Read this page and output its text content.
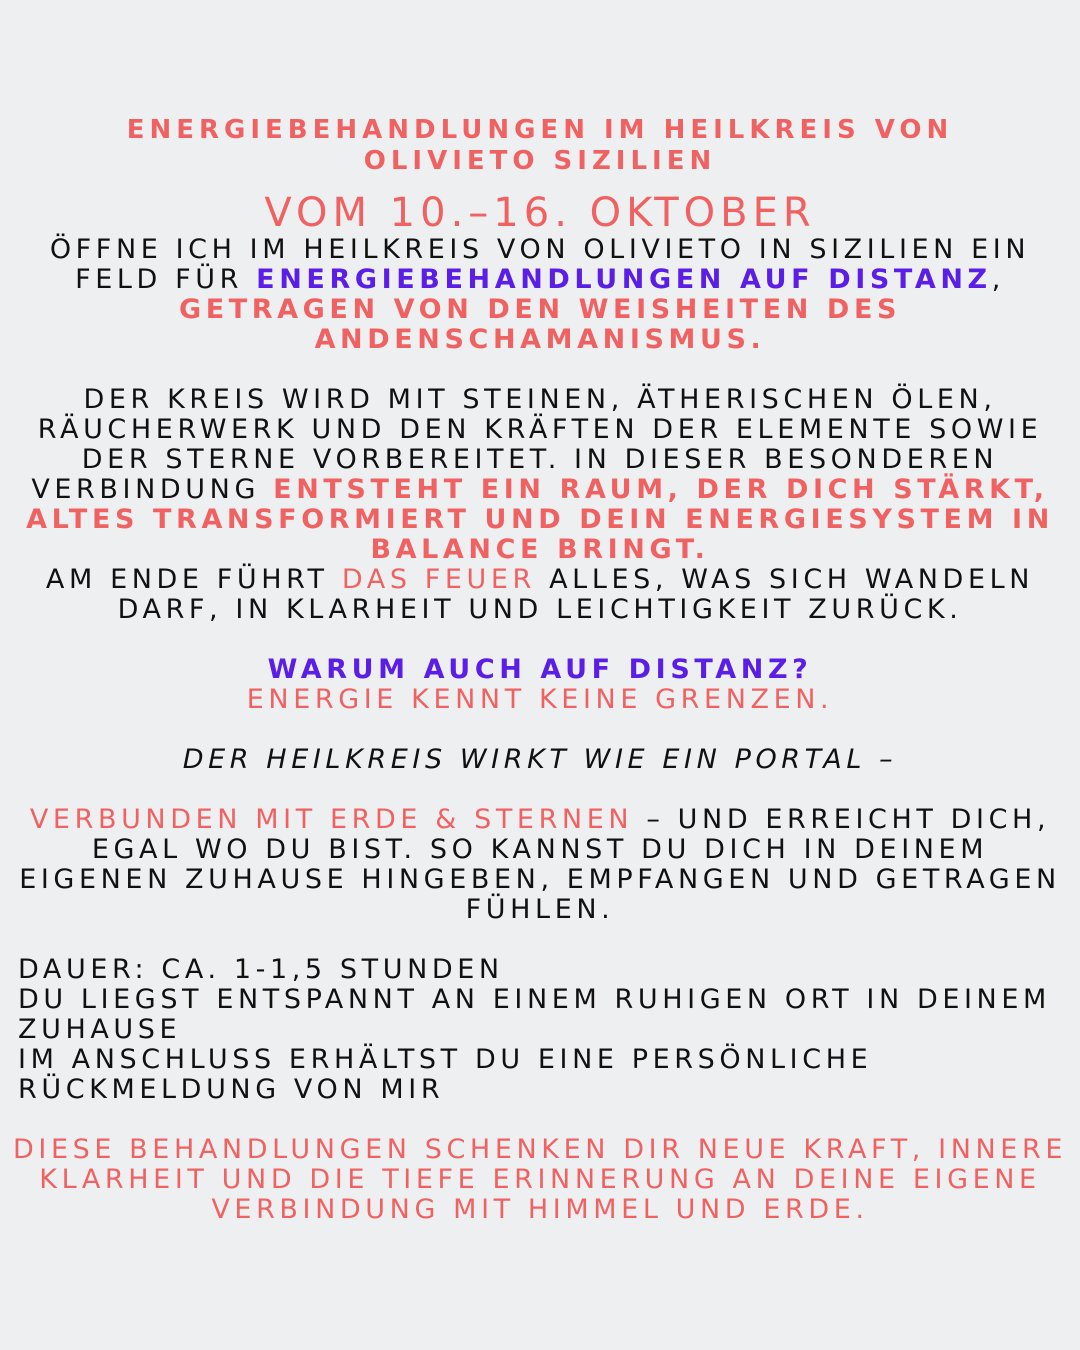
ENERGIEBEHANDLUNGEN IM HEILKREIS VON OLIVIETO SIZILIEN
VOM 10.–16. OKTOBER
ÖFFNE ICH IM HEILKREIS VON OLIVIETO IN SIZILIEN EIN FELD FÜR ENERGIEBEHANDLUNGEN AUF DISTANZ, GETRAGEN VON DEN WEISHEITEN DES ANDENSCHAMANISMUS.
DER KREIS WIRD MIT STEINEN, ÄTHERISCHEN ÖLEN, RÄUCHERWERK UND DEN KRÄFTEN DER ELEMENTE SOWIE DER STERNE VORBEREITET. IN DIESER BESONDEREN VERBINDUNG ENTSTEHT EIN RAUM, DER DICH STÄRKT, ALTES TRANSFORMIERT UND DEIN ENERGIESYSTEM IN BALANCE BRINGT.
AM ENDE FÜHRT DAS FEUER ALLES, WAS SICH WANDELN DARF, IN KLARHEIT UND LEICHTIGKEIT ZURÜCK.
WARUM AUCH AUF DISTANZ?
ENERGIE KENNT KEINE GRENZEN.
DER HEILKREIS WIRKT WIE EIN PORTAL –
VERBUNDEN MIT ERDE & STERNEN – UND ERREICHT DICH, EGAL WO DU BIST. SO KANNST DU DICH IN DEINEM EIGENEN ZUHAUSE HINGEBEN, EMPFANGEN UND GETRAGEN FÜHLEN.
DAUER: CA. 1-1,5 STUNDEN
DU LIEGST ENTSPANNT AN EINEM RUHIGEN ORT IN DEINEM ZUHAUSE
IM ANSCHLUSS ERHÄLTST DU EINE PERSÖNLICHE RÜCKMELDUNG VON MIR
DIESE BEHANDLUNGEN SCHENKEN DIR NEUE KRAFT, INNERE KLARHEIT UND DIE TIEFE ERINNERUNG AN DEINE EIGENE VERBINDUNG MIT HIMMEL UND ERDE.
